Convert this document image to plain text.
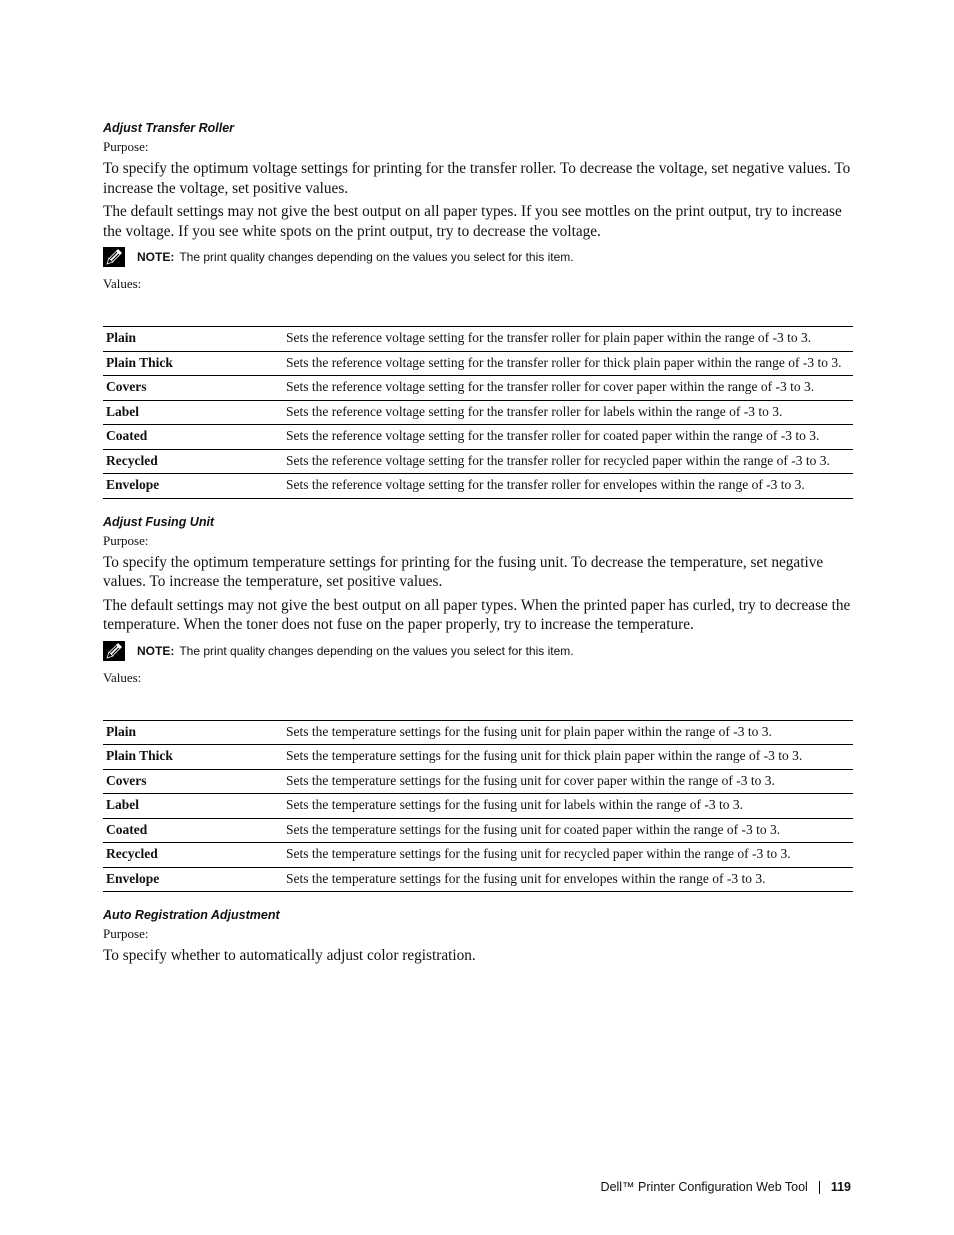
Adjust Transfer Roller

Purpose:

To specify the optimum voltage settings for printing for the transfer roller. To decrease the voltage, set negative values. To increase the voltage, set positive values.

The default settings may not give the best output on all paper types. If you see mottles on the print output, try to increase the voltage. If you see white spots on the print output, try to decrease the voltage.

NOTE: The print quality changes depending on the values you select for this item.

Values:

Plain	Sets the reference voltage setting for the transfer roller for plain paper within the range of -3 to 3.
Plain Thick	Sets the reference voltage setting for the transfer roller for thick plain paper within the range of -3 to 3.
Covers	Sets the reference voltage setting for the transfer roller for cover paper within the range of -3 to 3.
Label	Sets the reference voltage setting for the transfer roller for labels within the range of -3 to 3.
Coated	Sets the reference voltage setting for the transfer roller for coated paper within the range of -3 to 3.
Recycled	Sets the reference voltage setting for the transfer roller for recycled paper within the range of -3 to 3.
Envelope	Sets the reference voltage setting for the transfer roller for envelopes within the range of -3 to 3.
Adjust Fusing Unit

Purpose:

To specify the optimum temperature settings for printing for the fusing unit. To decrease the temperature, set negative values. To increase the temperature, set positive values.

The default settings may not give the best output on all paper types. When the printed paper has curled, try to decrease the temperature. When the toner does not fuse on the paper properly, try to increase the temperature.

NOTE: The print quality changes depending on the values you select for this item.

Values:

Plain	Sets the temperature settings for the fusing unit for plain paper within the range of -3 to 3.
Plain Thick	Sets the temperature settings for the fusing unit for thick plain paper within the range of -3 to 3.
Covers	Sets the temperature settings for the fusing unit for cover paper within the range of -3 to 3.
Label	Sets the temperature settings for the fusing unit for labels within the range of -3 to 3.
Coated	Sets the temperature settings for the fusing unit for coated paper within the range of -3 to 3.
Recycled	Sets the temperature settings for the fusing unit for recycled paper within the range of -3 to 3.
Envelope	Sets the temperature settings for the fusing unit for envelopes within the range of -3 to 3.
Auto Registration Adjustment

Purpose:

To specify whether to automatically adjust color registration.

Dell™ Printer Configuration Web Tool 119
